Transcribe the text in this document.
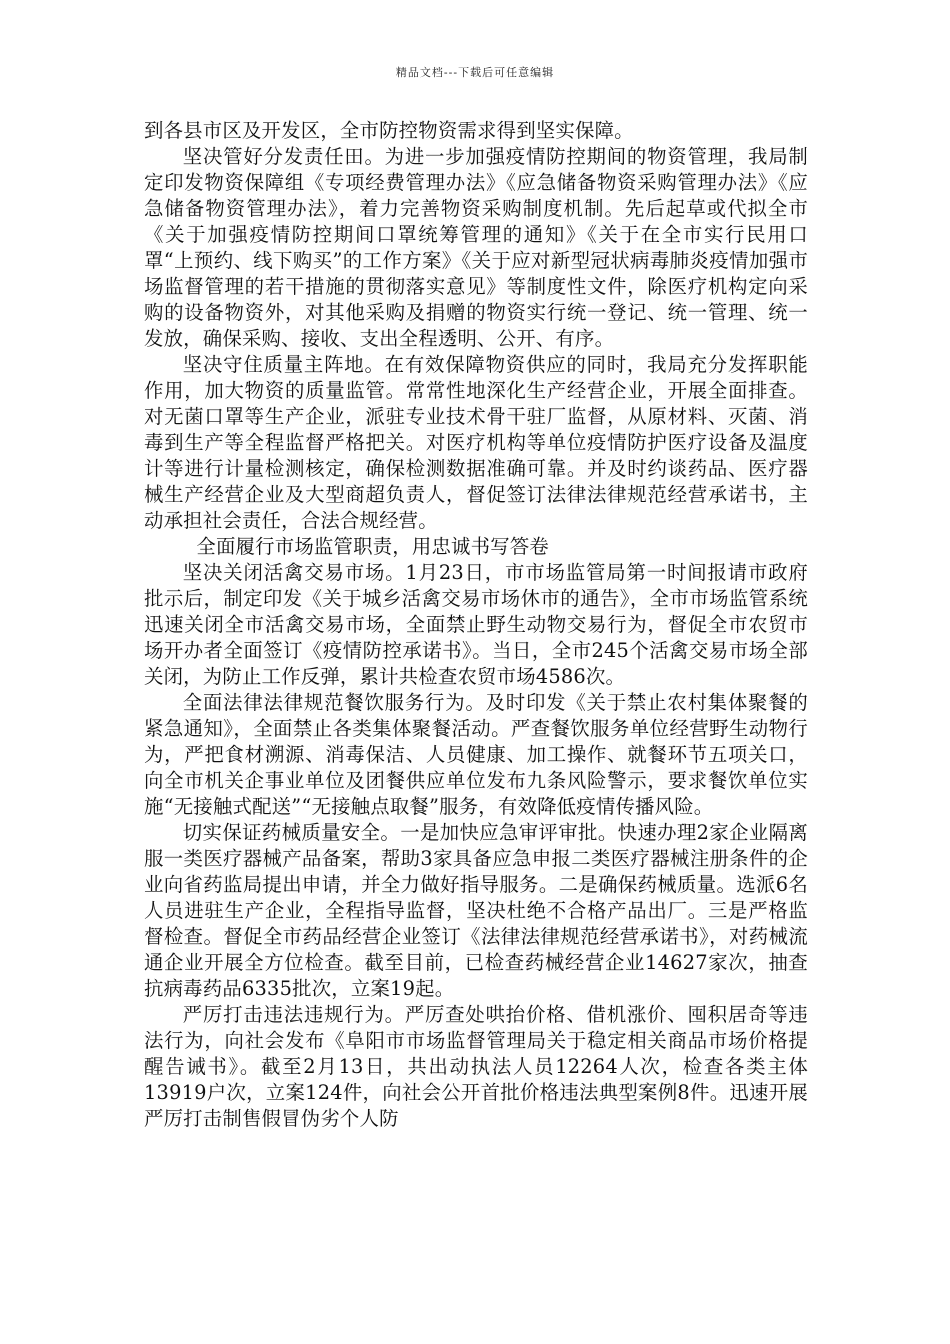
精品文档---下载后可任意编辑

到各县市区及开发区，全市防控物资需求得到坚实保障。

坚决管好分发责任田。为进一步加强疫情防控期间的物资管理，我局制定印发物资保障组《专项经费管理办法》《应急储备物资采购管理办法》《应急储备物资管理办法》，着力完善物资采购制度机制。先后起草或代拟全市《关于加强疫情防控期间口罩统筹管理的通知》《关于在全市实行民用口罩“上预约、线下购买”的工作方案》《关于应对新型冠状病毒肺炎疫情加强市场监督管理的若干措施的贯彻落实意见》等制度性文件，除医疗机构定向采购的设备物资外，对其他采购及捐赠的物资实行统一登记、统一管理、统一发放，确保采购、接收、支出全程透明、公开、有序。

坚决守住质量主阵地。在有效保障物资供应的同时，我局充分发挥职能作用，加大物资的质量监管。常常性地深化生产经营企业，开展全面排查。对无菌口罩等生产企业，派驻专业技术骨干驻厂监督，从原材料、灭菌、消毒到生产等全程监督严格把关。对医疗机构等单位疫情防护医疗设备及温度计等进行计量检测核定，确保检测数据准确可靠。并及时约谈药品、医疗器械生产经营企业及大型商超负责人，督促签订法律法律规范经营承诺书，主动承担社会责任，合法合规经营。

全面履行市场监管职责，用忠诚书写答卷

坚决关闭活禽交易市场。1月23日，市市场监管局第一时间报请市政府批示后，制定印发《关于城乡活禽交易市场休市的通告》，全市市场监管系统迅速关闭全市活禽交易市场，全面禁止野生动物交易行为，督促全市农贸市场开办者全面签订《疫情防控承诺书》。当日，全市245个活禽交易市场全部关闭，为防止工作反弹，累计共检查农贸市场4586次。

全面法律法律规范餐饮服务行为。及时印发《关于禁止农村集体聚餐的紧急通知》，全面禁止各类集体聚餐活动。严查餐饮服务单位经营野生动物行为，严把食材溯源、消毒保洁、人员健康、加工操作、就餐环节五项关口，向全市机关企事业单位及团餐供应单位发布九条风险警示，要求餐饮单位实施“无接触式配送”“无接触点取餐”服务，有效降低疫情传播风险。

切实保证药械质量安全。一是加快应急审评审批。快速办理2家企业隔离服一类医疗器械产品备案，帮助3家具备应急申报二类医疗器械注册条件的企业向省药监局提出申请，并全力做好指导服务。二是确保药械质量。选派6名人员进驻生产企业，全程指导监督，坚决杜绝不合格产品出厂。三是严格监督检查。督促全市药品经营企业签订《法律法律规范经营承诺书》，对药械流通企业开展全方位检查。截至目前，已检查药械经营企业14627家次，抽查抗病毒药品6335批次，立案19起。

严厉打击违法违规行为。严厉查处哄抬价格、借机涨价、囤积居奇等违法行为，向社会发布《阜阳市市场监督管理局关于稳定相关商品市场价格提醒告诫书》。截至2月13日，共出动执法人员12264人次，检查各类主体13919户次，立案124件，向社会公开首批价格违法典型案例8件。迅速开展严厉打击制售假冒伪劣个人防
